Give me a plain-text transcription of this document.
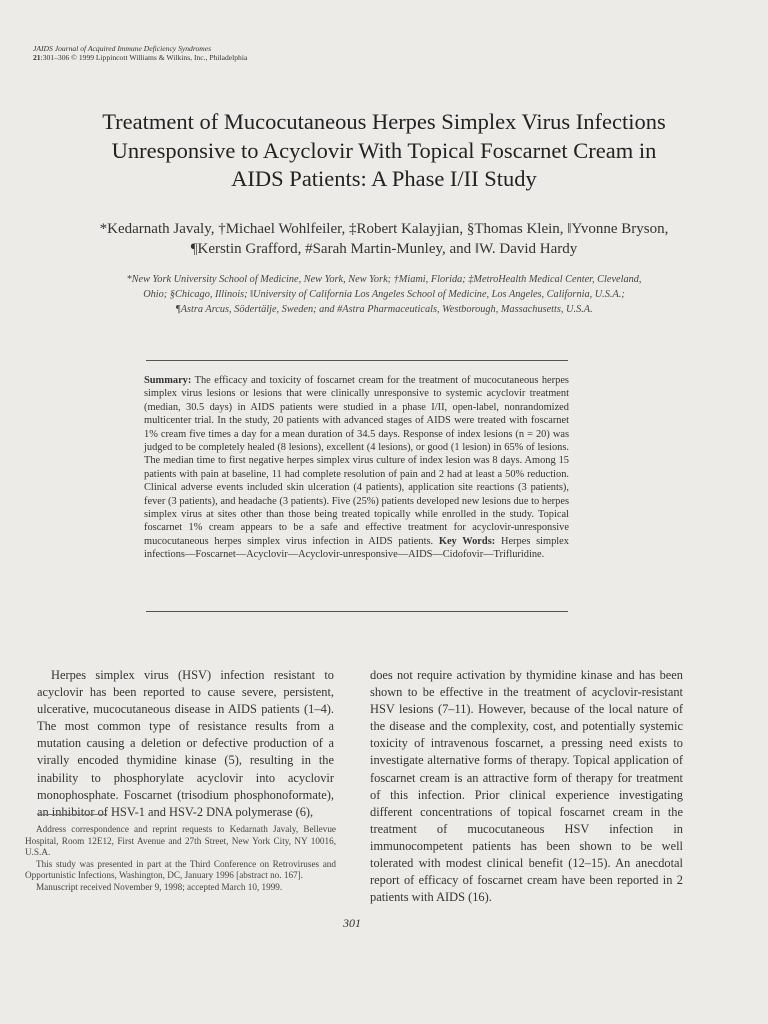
JAIDS Journal of Acquired Immune Deficiency Syndromes
21:301–306 © 1999 Lippincott Williams & Wilkins, Inc., Philadelphia
Treatment of Mucocutaneous Herpes Simplex Virus Infections
Unresponsive to Acyclovir With Topical Foscarnet Cream in
AIDS Patients: A Phase I/II Study
*Kedarnath Javaly, †Michael Wohlfeiler, ‡Robert Kalayjian, §Thomas Klein, ‖Yvonne Bryson,
¶Kerstin Grafford, #Sarah Martin-Munley, and ‖W. David Hardy
*New York University School of Medicine, New York, New York; †Miami, Florida; ‡MetroHealth Medical Center, Cleveland,
Ohio; §Chicago, Illinois; ‖University of California Los Angeles School of Medicine, Los Angeles, California, U.S.A.;
¶Astra Arcus, Södertälje, Sweden; and #Astra Pharmaceuticals, Westborough, Massachusetts, U.S.A.
Summary: The efficacy and toxicity of foscarnet cream for the treatment of mucocutaneous herpes simplex virus lesions or lesions that were clinically unresponsive to systemic acyclovir treatment (median, 30.5 days) in AIDS patients were studied in a phase I/II, open-label, nonrandomized multicenter trial. In the study, 20 patients with advanced stages of AIDS were treated with foscarnet 1% cream five times a day for a mean duration of 34.5 days. Response of index lesions (n = 20) was judged to be completely healed (8 lesions), excellent (4 lesions), or good (1 lesion) in 65% of lesions. The median time to first negative herpes simplex virus culture of index lesion was 8 days. Among 15 patients with pain at baseline, 11 had complete resolution of pain and 2 had at least a 50% reduction. Clinical adverse events included skin ulceration (4 patients), application site reactions (3 patients), fever (3 patients), and headache (3 patients). Five (25%) patients developed new lesions due to herpes simplex virus at sites other than those being treated topically while enrolled in the study. Topical foscarnet 1% cream appears to be a safe and effective treatment for acyclovir-unresponsive mucocutaneous herpes simplex virus infection in AIDS patients. Key Words: Herpes simplex infections—Foscarnet—Acyclovir—Acyclovir-unresponsive—AIDS—Cidofovir—Trifluridine.

Herpes simplex virus (HSV) infection resistant to acyclovir has been reported to cause severe, persistent, ulcerative, mucocutaneous disease in AIDS patients (1–4). The most common type of resistance results from a mutation causing a deletion or defective production of a virally encoded thymidine kinase (5), resulting in the inability to phosphorylate acyclovir into acyclovir monophosphate. Foscarnet (trisodium phosphonoformate), an inhibitor of HSV-1 and HSV-2 DNA polymerase (6),

does not require activation by thymidine kinase and has been shown to be effective in the treatment of acyclovir-resistant HSV lesions (7–11). However, because of the local nature of the disease and the complexity, cost, and potentially systemic toxicity of intravenous foscarnet, a pressing need exists to investigate alternative forms of therapy. Topical application of foscarnet cream is an attractive form of therapy for treatment of this infection. Prior clinical experience investigating different concentrations of topical foscarnet cream in the treatment of mucocutaneous HSV infection in immunocompetent patients has been shown to be well tolerated with modest clinical benefit (12–15). An anecdotal report of efficacy of foscarnet cream have been reported in 2 patients with AIDS (16).

Address correspondence and reprint requests to Kedarnath Javaly, Bellevue Hospital, Room 12E12, First Avenue and 27th Street, New York City, NY 10016, U.S.A.

This study was presented in part at the Third Conference on Retroviruses and Opportunistic Infections, Washington, DC, January 1996 [abstract no. 167].

Manuscript received November 9, 1998; accepted March 10, 1999.

301
